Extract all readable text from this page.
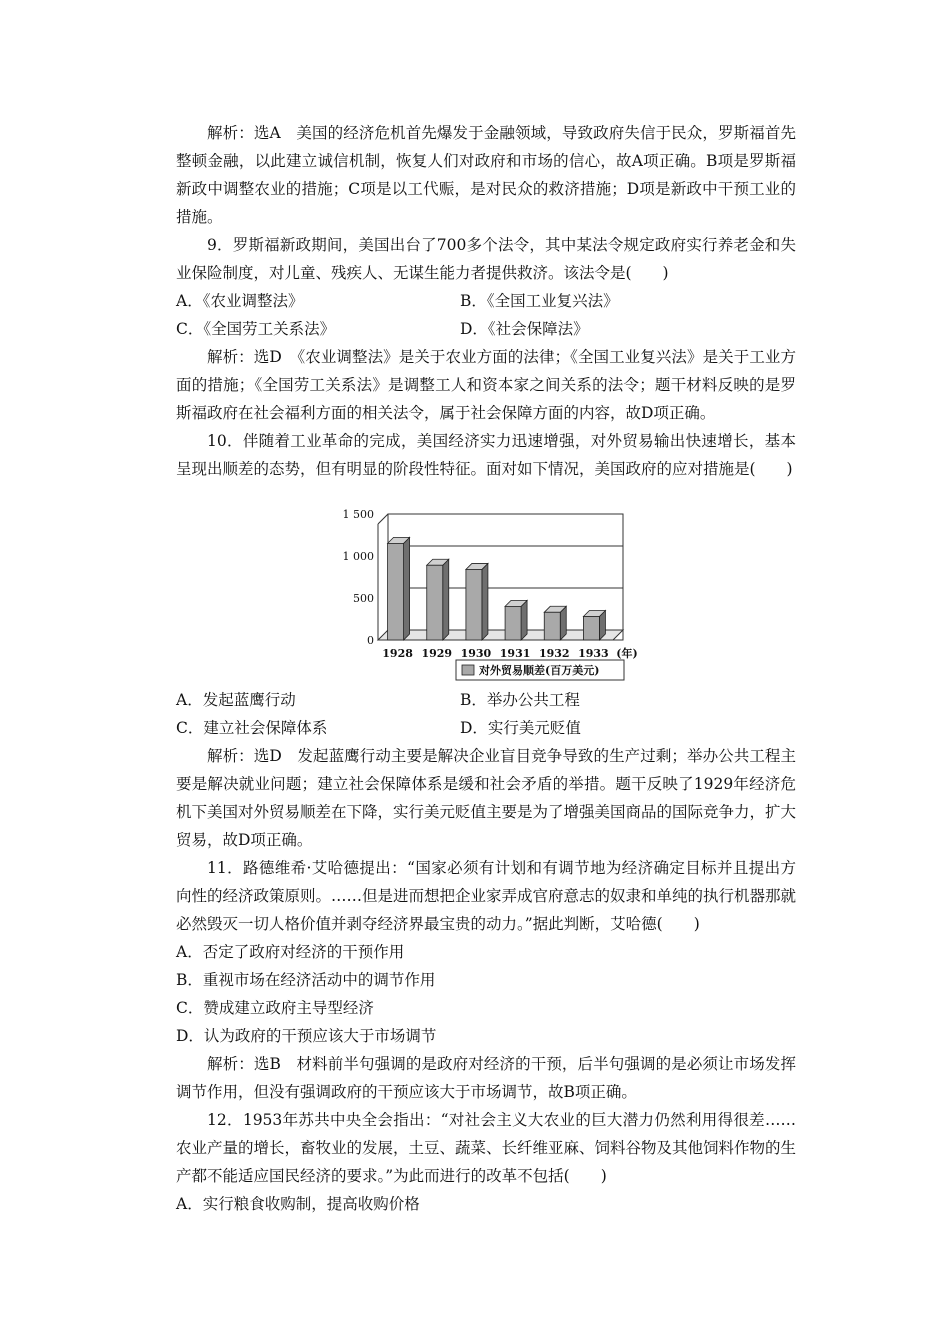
解析：选A　美国的经济危机首先爆发于金融领域，导致政府失信于民众，罗斯福首先整顿金融，以此建立诚信机制，恢复人们对政府和市场的信心，故A项正确。B项是罗斯福新政中调整农业的措施；C项是以工代赈，是对民众的救济措施；D项是新政中干预工业的措施。

9．罗斯福新政期间，美国出台了700多个法令，其中某法令规定政府实行养老金和失业保险制度，对儿童、残疾人、无谋生能力者提供救济。该法令是(　　)

A．《农业调整法》	B．《全国工业复兴法》
C．《全国劳工关系法》	D．《社会保障法》

解析：选D　《农业调整法》是关于农业方面的法律；《全国工业复兴法》是关于工业方面的措施；《全国劳工关系法》是调整工人和资本家之间关系的法令；题干材料反映的是罗斯福政府在社会福利方面的相关法令，属于社会保障方面的内容，故D项正确。

10．伴随着工业革命的完成，美国经济实力迅速增强，对外贸易输出快速增长，基本呈现出顺差的态势，但有明显的阶段性特征。面对如下情况，美国政府的应对措施是(　　)

0
500
1 000
1 500
1928 1929 1930 1931 1932 1933 (年)
对外贸易顺差(百万美元)
A．发起蓝鹰行动	B．举办公共工程
C．建立社会保障体系	D．实行美元贬值

解析：选D　发起蓝鹰行动主要是解决企业盲目竞争导致的生产过剩；举办公共工程主要是解决就业问题；建立社会保障体系是缓和社会矛盾的举措。题干反映了1929年经济危机下美国对外贸易顺差在下降，实行美元贬值主要是为了增强美国商品的国际竞争力，扩大贸易，故D项正确。

11．路德维希·艾哈德提出：“国家必须有计划和有调节地为经济确定目标并且提出方向性的经济政策原则。……但是进而想把企业家弄成官府意志的奴隶和单纯的执行机器那就必然毁灭一切人格价值并剥夺经济界最宝贵的动力。”据此判断，艾哈德(　　)

A．否定了政府对经济的干预作用
B．重视市场在经济活动中的调节作用
C．赞成建立政府主导型经济
D．认为政府的干预应该大于市场调节

解析：选B　材料前半句强调的是政府对经济的干预，后半句强调的是必须让市场发挥调节作用，但没有强调政府的干预应该大于市场调节，故B项正确。

12．1953年苏共中央全会指出：“对社会主义大农业的巨大潜力仍然利用得很差……农业产量的增长，畜牧业的发展，土豆、蔬菜、长纤维亚麻、饲料谷物及其他饲料作物的生产都不能适应国民经济的要求。”为此而进行的改革不包括(　　)

A．实行粮食收购制，提高收购价格
